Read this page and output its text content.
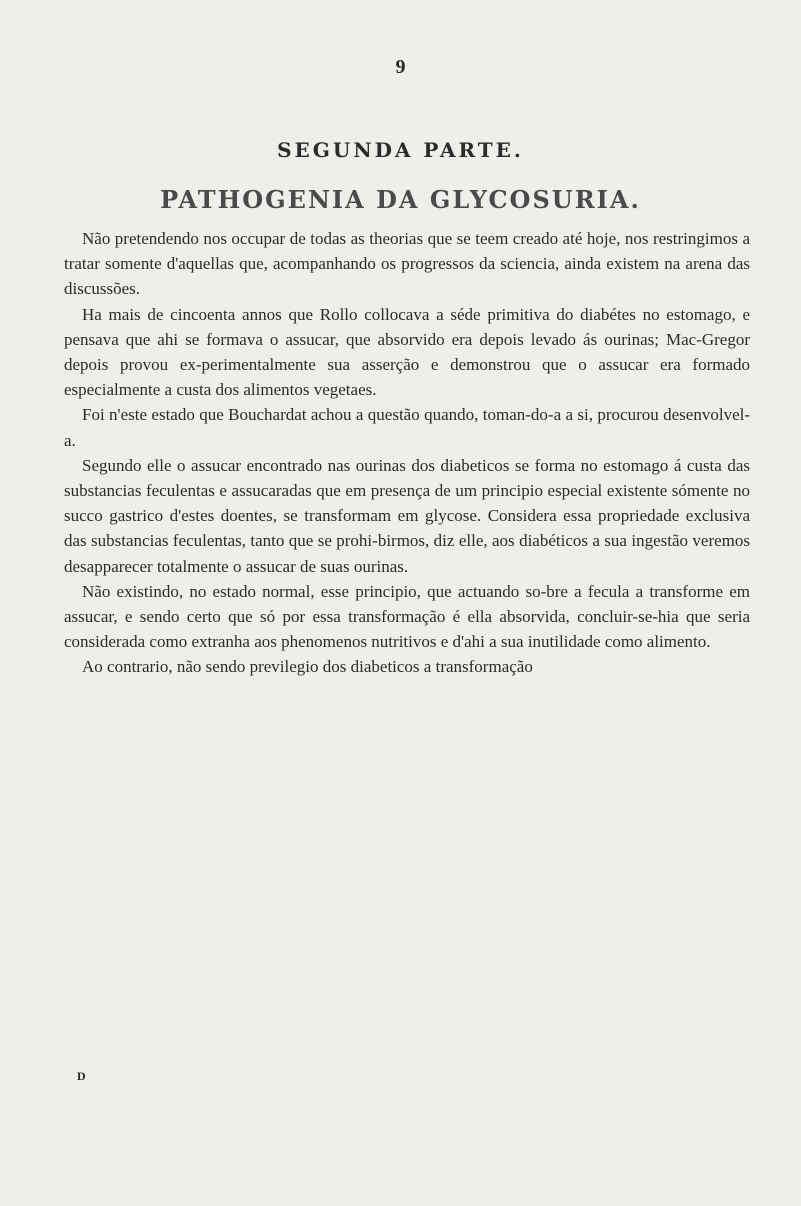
9
SEGUNDA PARTE.
PATHOGENIA DA GLYCOSURIA.

Não pretendendo nos occupar de todas as theorias que se teem creado até hoje, nos restringimos a tratar somente d'aquellas que, acompanhando os progressos da sciencia, ainda existem na arena das discussões.

Ha mais de cincoenta annos que Rollo collocava a séde primitiva do diabétes no estomago, e pensava que ahi se formava o assucar, que absorvido era depois levado ás ourinas; Mac-Gregor depois provou ex-perimentalmente sua asserção e demonstrou que o assucar era formado especialmente a custa dos alimentos vegetaes.

Foi n'este estado que Bouchardat achou a questão quando, toman-do-a a si, procurou desenvolvel-a.

Segundo elle o assucar encontrado nas ourinas dos diabeticos se forma no estomago á custa das substancias feculentas e assucaradas que em presença de um principio especial existente sómente no succo gastrico d'estes doentes, se transformam em glycose. Considera essa propriedade exclusiva das substancias feculentas, tanto que se prohi-birmos, diz elle, aos diabéticos a sua ingestão veremos desapparecer totalmente o assucar de suas ourinas.

Não existindo, no estado normal, esse principio, que actuando so-bre a fecula a transforme em assucar, e sendo certo que só por essa transformação é ella absorvida, concluir-se-hia que seria considerada como extranha aos phenomenos nutritivos e d'ahi a sua inutilidade como alimento.

Ao contrario, não sendo previlegio dos diabeticos a transformação

D
